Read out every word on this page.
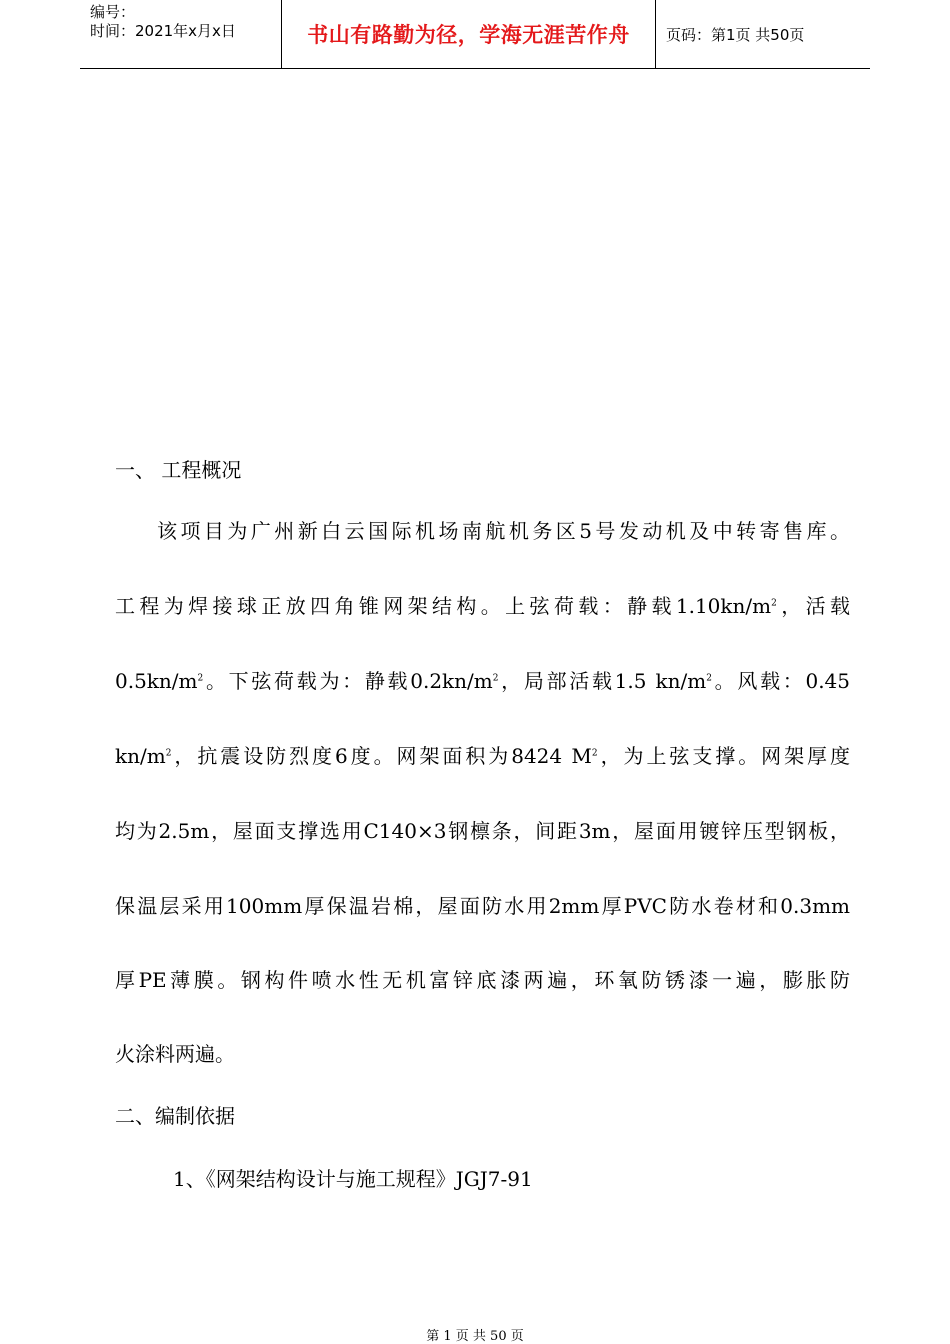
编号：
时间：2021年x月x日	书山有路勤为径，学海无涯苦作舟	页码：第1页 共50页
一、 工程概况
该项目为广州新白云国际机场南航机务区5号发动机及中转寄售库。
工程为焊接球正放四角锥网架结构。上弦荷载：静载$1.10kn/m^2$，活载
$0.5kn/m^2$。下弦荷载为：静载$0.2kn/m^2$，局部活载1.5 $kn/m^2$。风载：0.45
$kn/m^2$，抗震设防烈度6度。网架面积为8424 $M^2$，为上弦支撑。网架厚度
均为2.5m，屋面支撑选用C140×3钢檩条，间距3m，屋面用镀锌压型钢板，
保温层采用100mm厚保温岩棉，屋面防水用2mm厚PVC防水卷材和0.3mm
厚PE薄膜。钢构件喷水性无机富锌底漆两遍，环氧防锈漆一遍，膨胀防
火涂料两遍。
二、编制依据
1、《网架结构设计与施工规程》JGJ7-91
第 1 页 共 50 页
